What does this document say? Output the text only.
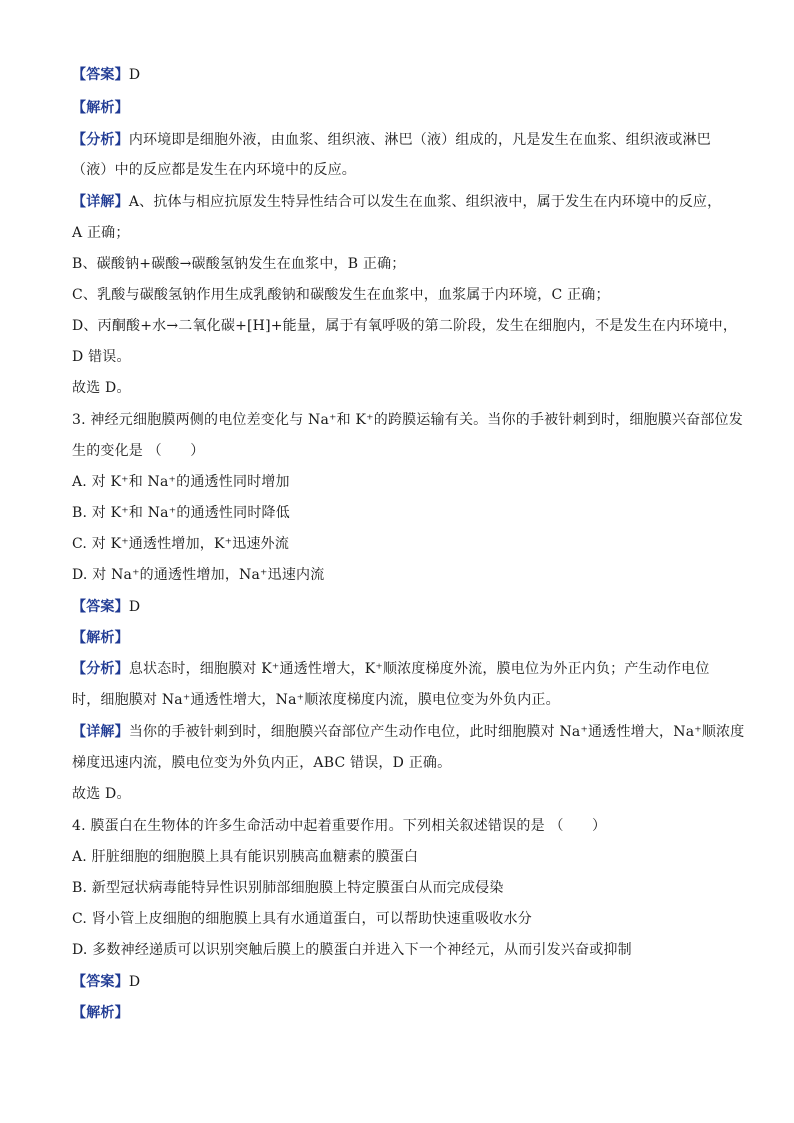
【答案】D
【解析】
【分析】内环境即是细胞外液，由血浆、组织液、淋巴（液）组成的，凡是发生在血浆、组织液或淋巴
（液）中的反应都是发生在内环境中的反应。
【详解】A、抗体与相应抗原发生特异性结合可以发生在血浆、组织液中，属于发生在内环境中的反应，
A 正确；
B、碳酸钠+碳酸→碳酸氢钠发生在血浆中，B 正确；
C、乳酸与碳酸氢钠作用生成乳酸钠和碳酸发生在血浆中，血浆属于内环境，C 正确；
D、丙酮酸+水→二氧化碳+[H]+能量，属于有氧呼吸的第二阶段，发生在细胞内，不是发生在内环境中，
D 错误。
故选 D。
3. 神经元细胞膜两侧的电位差变化与 Na⁺和 K⁺的跨膜运输有关。当你的手被针刺到时，细胞膜兴奋部位发
生的变化是 （　　）
A. 对 K⁺和 Na⁺的通透性同时增加
B. 对 K⁺和 Na⁺的通透性同时降低
C. 对 K⁺通透性增加，K⁺迅速外流
D. 对 Na⁺的通透性增加，Na⁺迅速内流
【答案】D
【解析】
【分析】息状态时，细胞膜对 K⁺通透性增大，K⁺顺浓度梯度外流，膜电位为外正内负；产生动作电位
时，细胞膜对 Na⁺通透性增大，Na⁺顺浓度梯度内流，膜电位变为外负内正。
【详解】当你的手被针刺到时，细胞膜兴奋部位产生动作电位，此时细胞膜对 Na⁺通透性增大，Na⁺顺浓度
梯度迅速内流，膜电位变为外负内正，ABC 错误，D 正确。
故选 D。
4. 膜蛋白在生物体的许多生命活动中起着重要作用。下列相关叙述错误的是 （　　）
A. 肝脏细胞的细胞膜上具有能识别胰高血糖素的膜蛋白
B. 新型冠状病毒能特异性识别肺部细胞膜上特定膜蛋白从而完成侵染
C. 肾小管上皮细胞的细胞膜上具有水通道蛋白，可以帮助快速重吸收水分
D. 多数神经递质可以识别突触后膜上的膜蛋白并进入下一个神经元，从而引发兴奋或抑制
【答案】D
【解析】
